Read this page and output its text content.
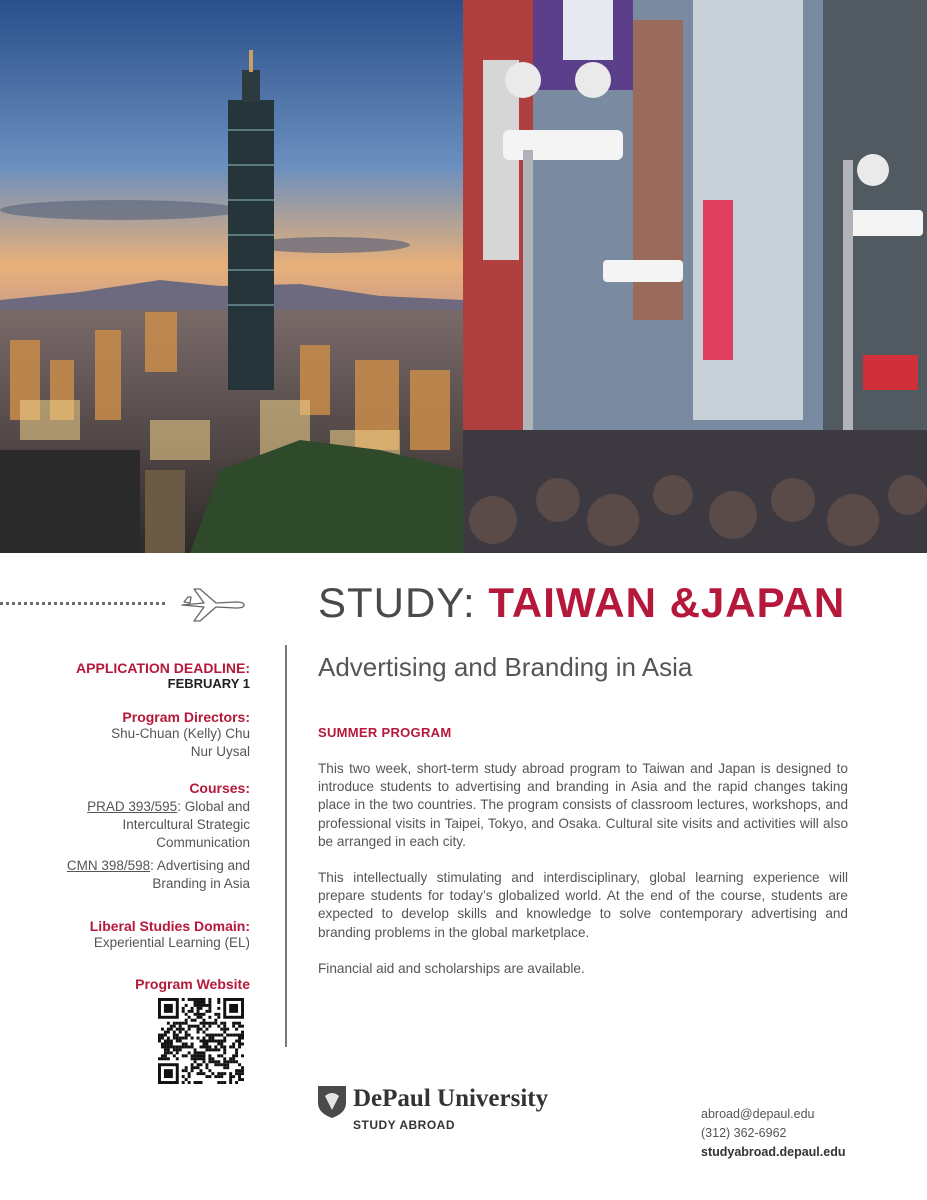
STUDY: TAIWAN &JAPAN
Advertising and Branding in Asia
APPLICATION DEADLINE:
FEBRUARY 1
Program Directors:
Shu-Chuan (Kelly) Chu
Nur Uysal
Courses:
PRAD 393/595: Global and
Intercultural Strategic
Communication
CMN 398/598: Advertising and
Branding in Asia
Liberal Studies Domain:
Experiential Learning (EL)
Program Website
SUMMER PROGRAM
This two week, short-term study abroad program to Taiwan and Japan is designed to introduce students to advertising and branding in Asia and the rapid changes taking place in the two countries. The program consists of classroom lectures, workshops, and professional visits in Taipei, Tokyo, and Osaka. Cultural site visits and activities will also be arranged in each city.
This intellectually stimulating and interdisciplinary, global learning experience will prepare students for today’s globalized world. At the end of the course, students are expected to develop skills and knowledge to solve contemporary advertising and branding problems in the global marketplace.
Financial aid and scholarships are available.
DePaul University
STUDY ABROAD
abroad@depaul.edu
(312) 362-6962
studyabroad.depaul.edu
